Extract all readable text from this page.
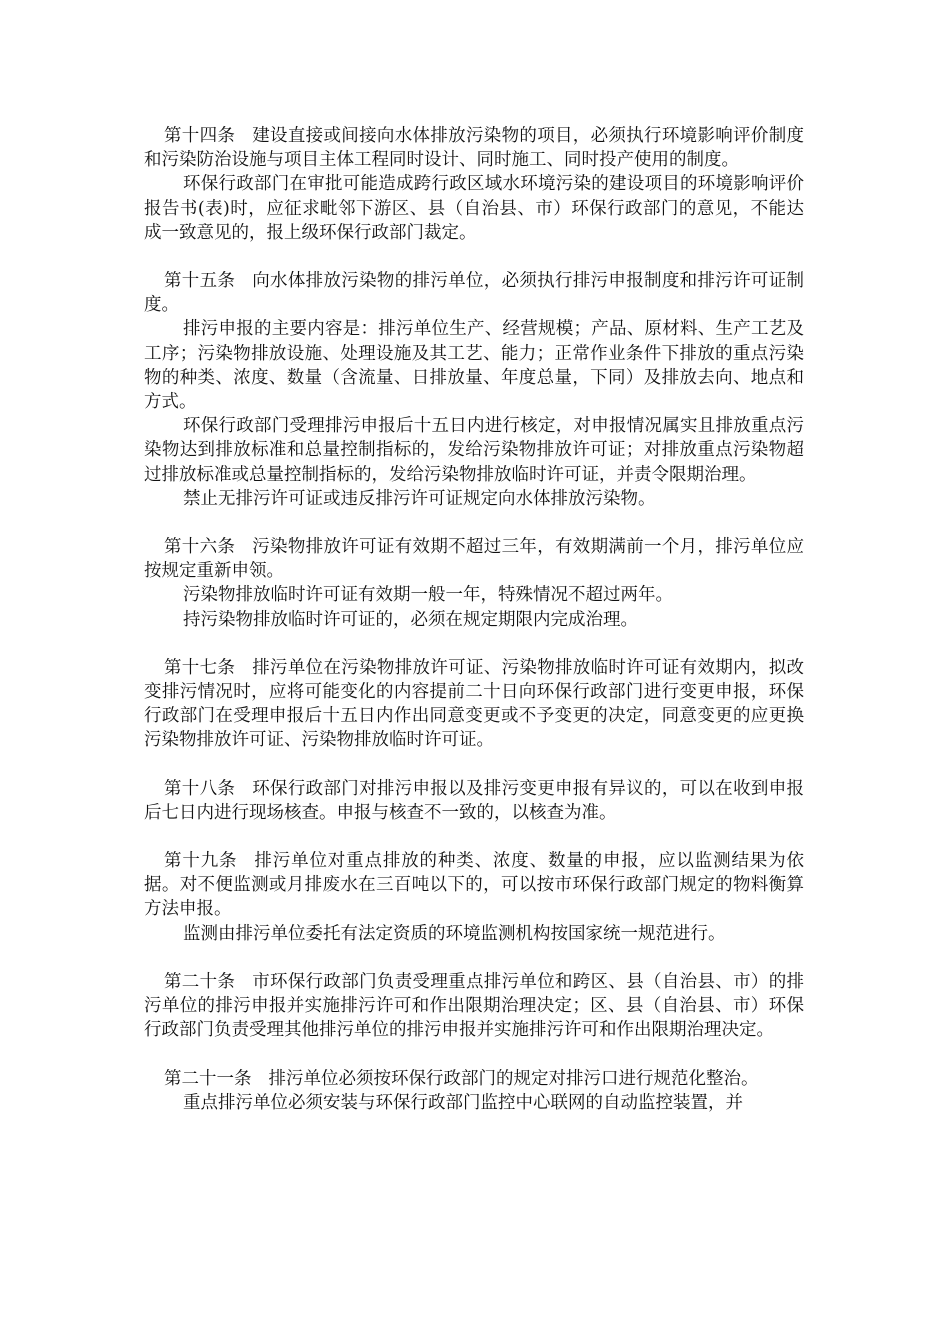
第十四条 建设直接或间接向水体排放污染物的项目，必须执行环境影响评价制度和污染防治设施与项目主体工程同时设计、同时施工、同时投产使用的制度。

环保行政部门在审批可能造成跨行政区域水环境污染的建设项目的环境影响评价报告书(表)时，应征求毗邻下游区、县（自治县、市）环保行政部门的意见，不能达成一致意见的，报上级环保行政部门裁定。

第十五条 向水体排放污染物的排污单位，必须执行排污申报制度和排污许可证制度。

排污申报的主要内容是：排污单位生产、经营规模；产品、原材料、生产工艺及工序；污染物排放设施、处理设施及其工艺、能力；正常作业条件下排放的重点污染物的种类、浓度、数量（含流量、日排放量、年度总量，下同）及排放去向、地点和方式。

环保行政部门受理排污申报后十五日内进行核定，对申报情况属实且排放重点污染物达到排放标准和总量控制指标的，发给污染物排放许可证；对排放重点污染物超过排放标准或总量控制指标的，发给污染物排放临时许可证，并责令限期治理。

禁止无排污许可证或违反排污许可证规定向水体排放污染物。

第十六条 污染物排放许可证有效期不超过三年，有效期满前一个月，排污单位应按规定重新申领。

污染物排放临时许可证有效期一般一年，特殊情况不超过两年。

持污染物排放临时许可证的，必须在规定期限内完成治理。

第十七条 排污单位在污染物排放许可证、污染物排放临时许可证有效期内，拟改变排污情况时，应将可能变化的内容提前二十日向环保行政部门进行变更申报，环保行政部门在受理申报后十五日内作出同意变更或不予变更的决定，同意变更的应更换污染物排放许可证、污染物排放临时许可证。

第十八条 环保行政部门对排污申报以及排污变更申报有异议的，可以在收到申报后七日内进行现场核查。申报与核查不一致的，以核查为准。

第十九条 排污单位对重点排放的种类、浓度、数量的申报，应以监测结果为依据。对不便监测或月排废水在三百吨以下的，可以按市环保行政部门规定的物料衡算方法申报。

监测由排污单位委托有法定资质的环境监测机构按国家统一规范进行。

第二十条 市环保行政部门负责受理重点排污单位和跨区、县（自治县、市）的排污单位的排污申报并实施排污许可和作出限期治理决定；区、县（自治县、市）环保行政部门负责受理其他排污单位的排污申报并实施排污许可和作出限期治理决定。

第二十一条 排污单位必须按环保行政部门的规定对排污口进行规范化整治。

重点排污单位必须安装与环保行政部门监控中心联网的自动监控装置，并
